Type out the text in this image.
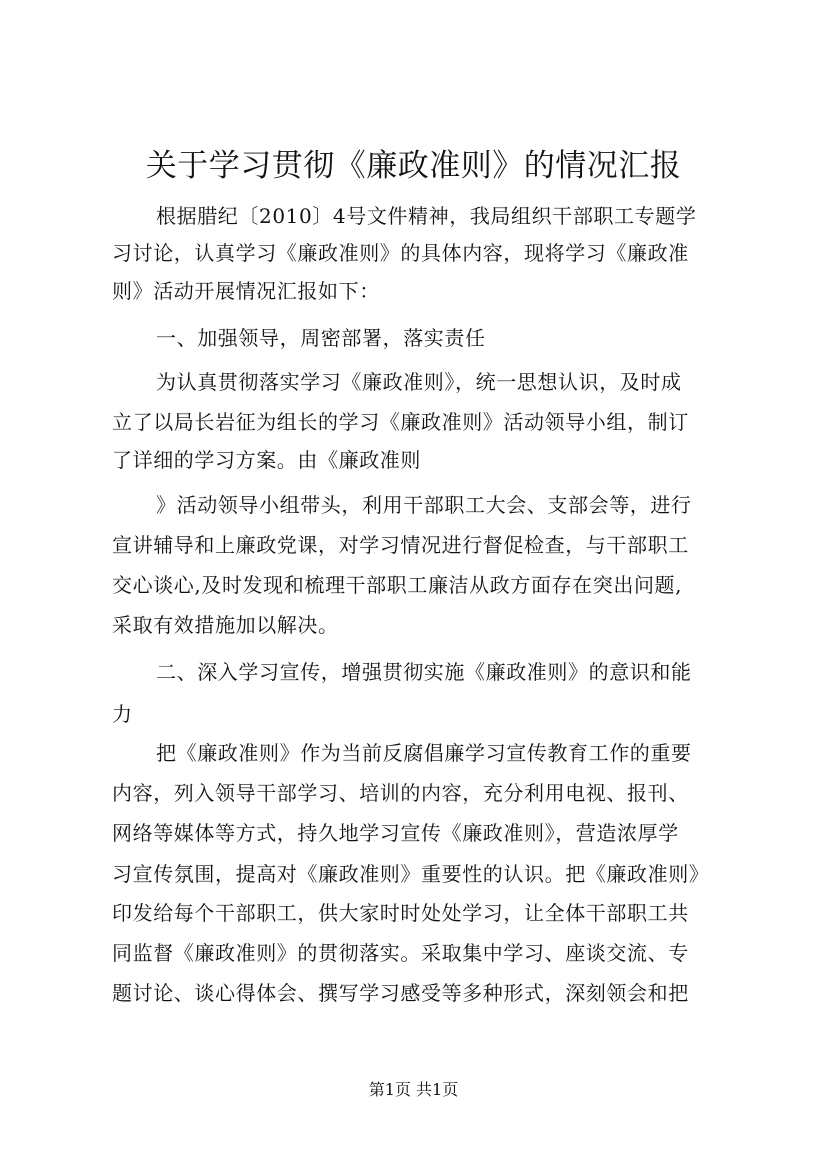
关于学习贯彻《廉政准则》的情况汇报
根据腊纪〔2010〕4号文件精神，我局组织干部职工专题学
习讨论，认真学习《廉政准则》的具体内容，现将学习《廉政准
则》活动开展情况汇报如下：
一、加强领导，周密部署，落实责任
为认真贯彻落实学习《廉政准则》，统一思想认识，及时成
立了以局长岩征为组长的学习《廉政准则》活动领导小组，制订
了详细的学习方案。由《廉政准则
》活动领导小组带头，利用干部职工大会、支部会等，进行
宣讲辅导和上廉政党课，对学习情况进行督促检查，与干部职工
交心谈心,及时发现和梳理干部职工廉洁从政方面存在突出问题,
采取有效措施加以解决。
二、深入学习宣传，增强贯彻实施《廉政准则》的意识和能
力
把《廉政准则》作为当前反腐倡廉学习宣传教育工作的重要
内容，列入领导干部学习、培训的内容，充分利用电视、报刊、
网络等媒体等方式，持久地学习宣传《廉政准则》，营造浓厚学
习宣传氛围，提高对《廉政准则》重要性的认识。把《廉政准则》
印发给每个干部职工，供大家时时处处学习，让全体干部职工共
同监督《廉政准则》的贯彻落实。采取集中学习、座谈交流、专
题讨论、谈心得体会、撰写学习感受等多种形式，深刻领会和把
第1页 共1页
